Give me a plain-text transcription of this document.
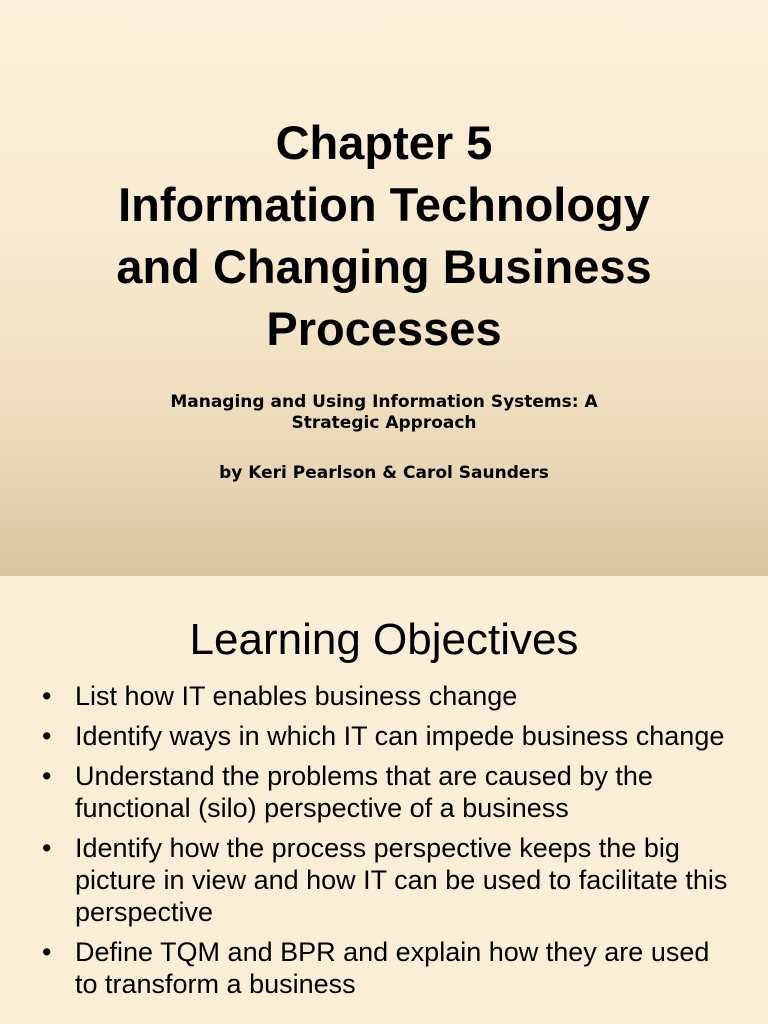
Chapter 5
Information Technology
and Changing Business
Processes
Managing and Using Information Systems: A
Strategic Approach
by Keri Pearlson & Carol Saunders
Learning Objectives
• List how IT enables business change
• Identify ways in which IT can impede business change
• Understand the problems that are caused by the functional (silo) perspective of a business
• Identify how the process perspective keeps the big picture in view and how IT can be used to facilitate this perspective
• Define TQM and BPR and explain how they are used to transform a business
